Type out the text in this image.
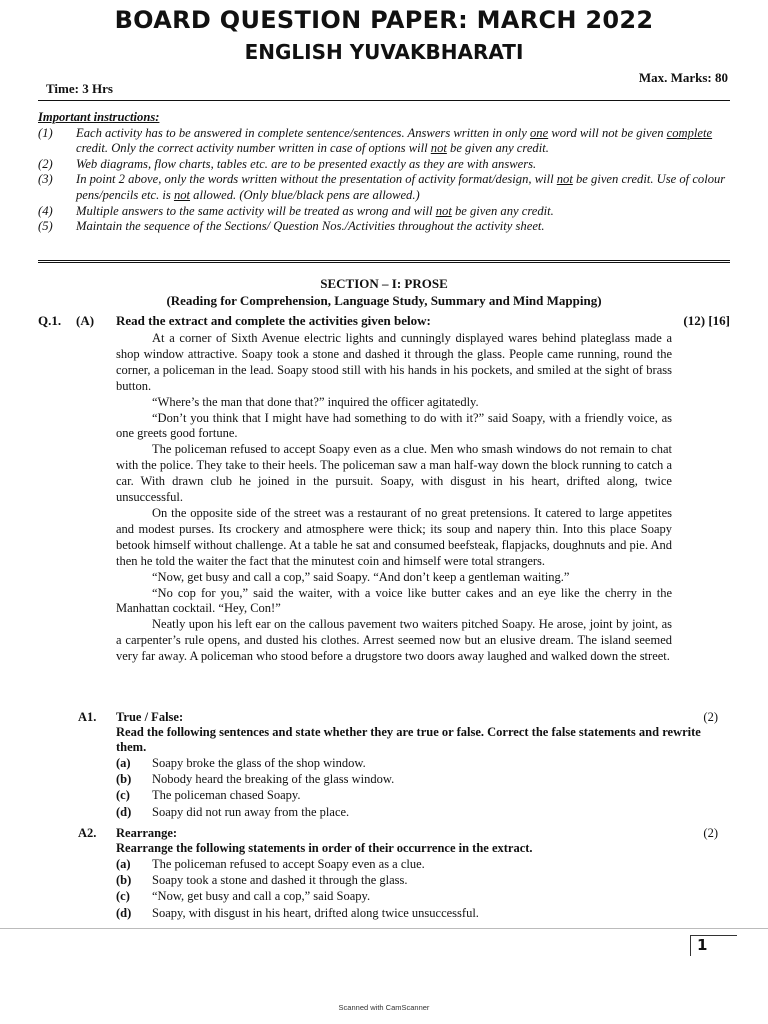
BOARD QUESTION PAPER: MARCH 2022
ENGLISH YUVAKBHARATI
Time: 3 Hrs
Max. Marks: 80
Important instructions:
(1)	Each activity has to be answered in complete sentence/sentences. Answers written in only one word will not be given complete credit. Only the correct activity number written in case of options will not be given any credit.
(2)	Web diagrams, flow charts, tables etc. are to be presented exactly as they are with answers.
(3)	In point 2 above, only the words written without the presentation of activity format/design, will not be given credit. Use of colour pens/pencils etc. is not allowed. (Only blue/black pens are allowed.)
(4)	Multiple answers to the same activity will be treated as wrong and will not be given any credit.
(5)	Maintain the sequence of the Sections/ Question Nos./Activities throughout the activity sheet.
SECTION – I: PROSE
(Reading for Comprehension, Language Study, Summary and Mind Mapping)
Q.1.	(A)	Read the extract and complete the activities given below:	(12) [16]

At a corner of Sixth Avenue electric lights and cunningly displayed wares behind plateglass made a shop window attractive. Soapy took a stone and dashed it through the glass. People came running, round the corner, a policeman in the lead. Soapy stood still with his hands in his pockets, and smiled at the sight of brass button.

“Where’s the man that done that?” inquired the officer agitatedly.

“Don’t you think that I might have had something to do with it?” said Soapy, with a friendly voice, as one greets good fortune.

The policeman refused to accept Soapy even as a clue. Men who smash windows do not remain to chat with the police. They take to their heels. The policeman saw a man half-way down the block running to catch a car. With drawn club he joined in the pursuit. Soapy, with disgust in his heart, drifted along, twice unsuccessful.

On the opposite side of the street was a restaurant of no great pretensions. It catered to large appetites and modest purses. Its crockery and atmosphere were thick; its soup and napery thin. Into this place Soapy betook himself without challenge. At a table he sat and consumed beefsteak, flapjacks, doughnuts and pie. And then he told the waiter the fact that the minutest coin and himself were total strangers.

“Now, get busy and call a cop,” said Soapy. “And don’t keep a gentleman waiting.”

“No cop for you,” said the waiter, with a voice like butter cakes and an eye like the cherry in the Manhattan cocktail. “Hey, Con!”

Neatly upon his left ear on the callous pavement two waiters pitched Soapy. He arose, joint by joint, as a carpenter’s rule opens, and dusted his clothes. Arrest seemed now but an elusive dream. The island seemed very far away. A policeman who stood before a drugstore two doors away laughed and walked down the street.

A1.	True / False:	(2)
Read the following sentences and state whether they are true or false. Correct the false statements and rewrite them.
(a)	Soapy broke the glass of the shop window.
(b)	Nobody heard the breaking of the glass window.
(c)	The policeman chased Soapy.
(d)	Soapy did not run away from the place.
A2.	Rearrange:	(2)
Rearrange the following statements in order of their occurrence in the extract.
(a)	The policeman refused to accept Soapy even as a clue.
(b)	Soapy took a stone and dashed it through the glass.
(c)	“Now, get busy and call a cop,” said Soapy.
(d)	Soapy, with disgust in his heart, drifted along twice unsuccessful.
1
Scanned with CamScanner
